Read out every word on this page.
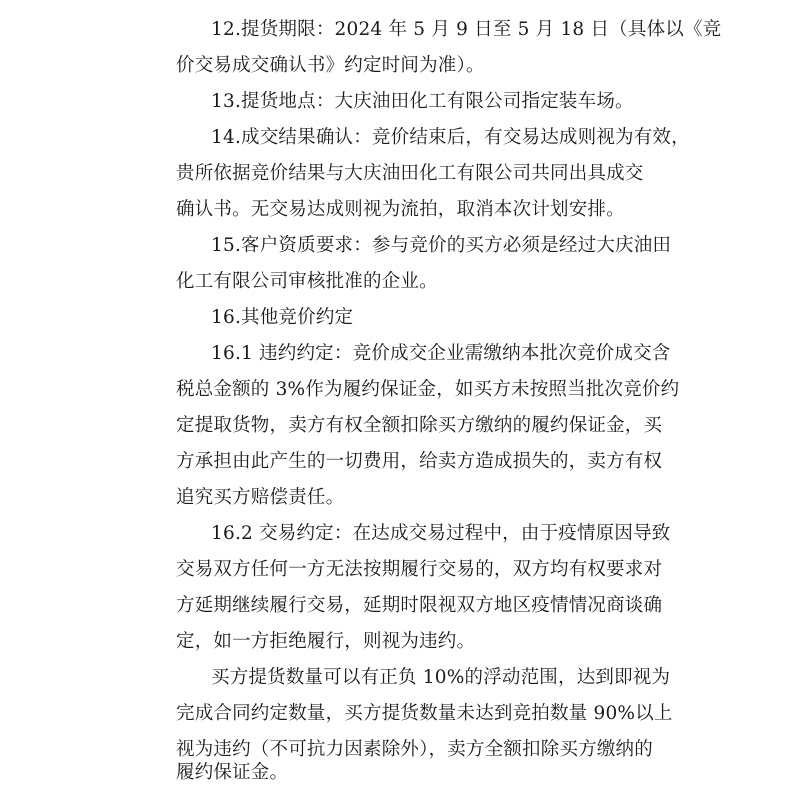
12.提货期限：2024 年 5 月 9 日至 5 月 18 日（具体以《竞
价交易成交确认书》约定时间为准）。
13.提货地点：大庆油田化工有限公司指定装车场。
14.成交结果确认：竞价结束后，有交易达成则视为有效，
贵所依据竞价结果与大庆油田化工有限公司共同出具成交
确认书。无交易达成则视为流拍，取消本次计划安排。
15.客户资质要求：参与竞价的买方必须是经过大庆油田
化工有限公司审核批准的企业。
16.其他竞价约定
16.1 违约约定：竞价成交企业需缴纳本批次竞价成交含
税总金额的 3%作为履约保证金，如买方未按照当批次竞价约
定提取货物，卖方有权全额扣除买方缴纳的履约保证金，买
方承担由此产生的一切费用，给卖方造成损失的，卖方有权
追究买方赔偿责任。
16.2 交易约定：在达成交易过程中，由于疫情原因导致
交易双方任何一方无法按期履行交易的，双方均有权要求对
方延期继续履行交易，延期时限视双方地区疫情情况商谈确
定，如一方拒绝履行，则视为违约。
买方提货数量可以有正负 10%的浮动范围，达到即视为
完成合同约定数量，买方提货数量未达到竞拍数量 90%以上
视为违约（不可抗力因素除外），卖方全额扣除买方缴纳的
履约保证金。
